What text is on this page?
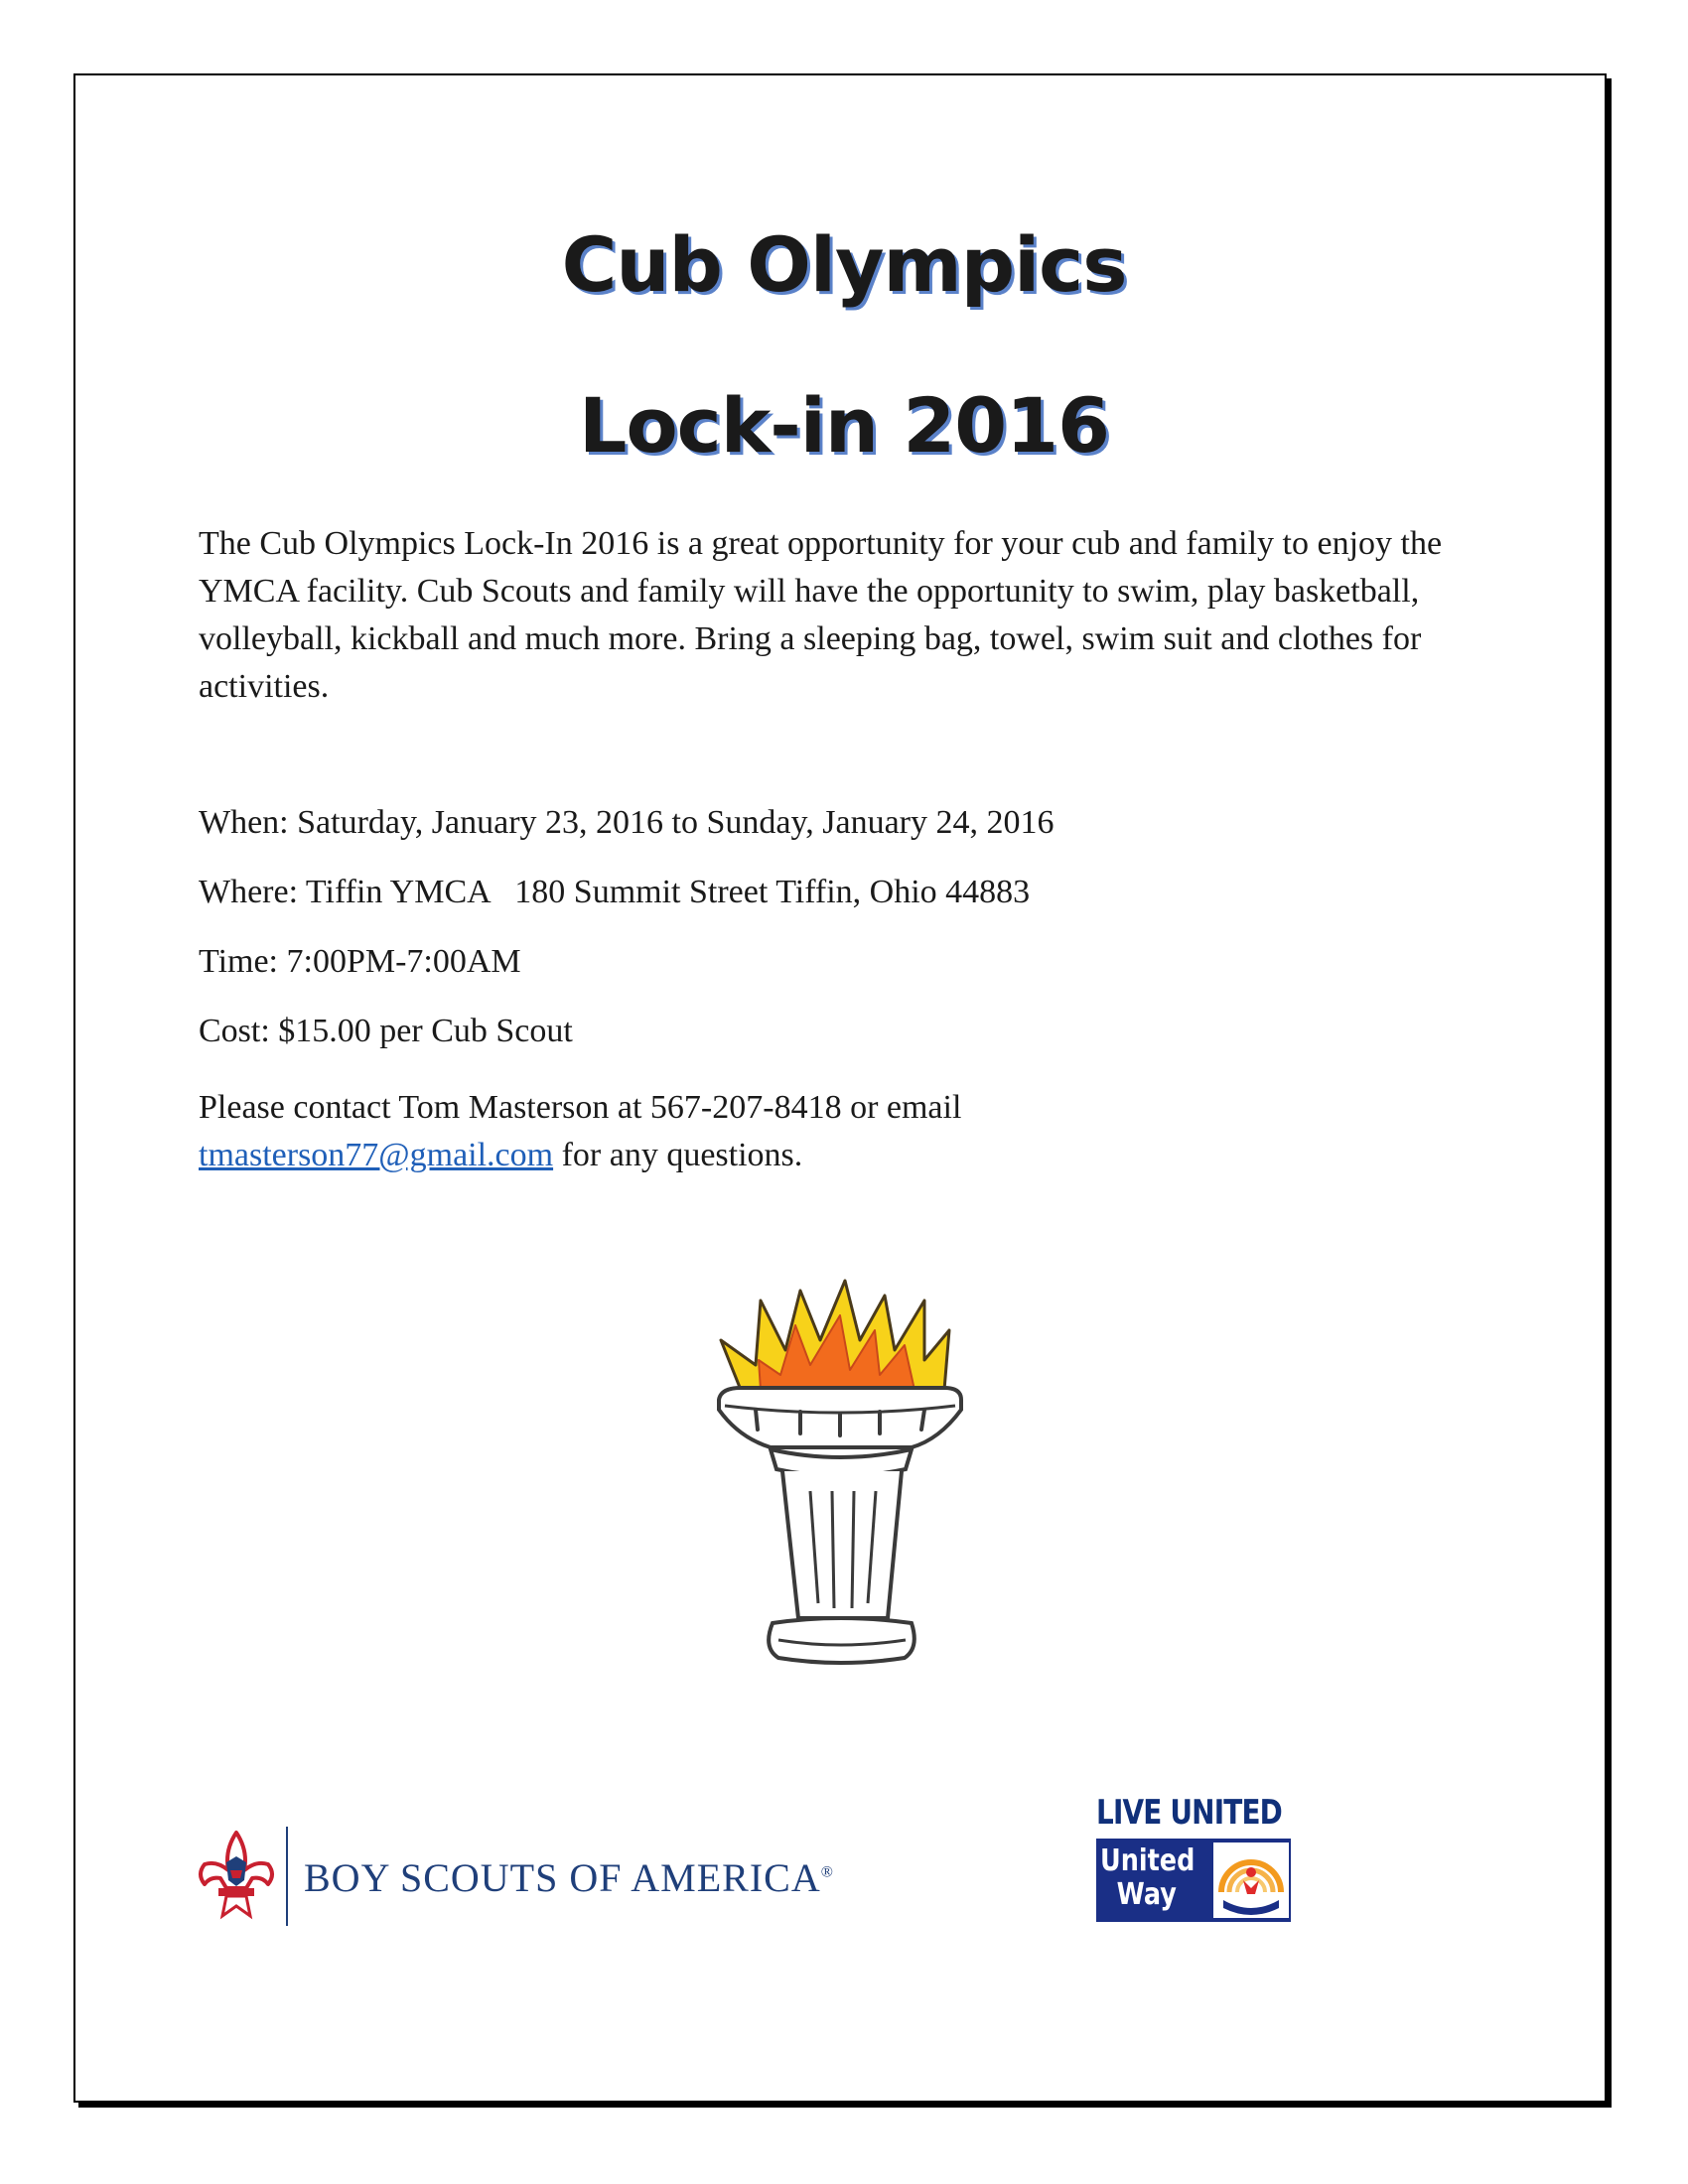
Cub Olympics
Lock-in 2016

The Cub Olympics Lock-In 2016 is a great opportunity for your cub and family to enjoy the YMCA facility. Cub Scouts and family will have the opportunity to swim, play basketball, volleyball, kickball and much more. Bring a sleeping bag, towel, swim suit and clothes for activities.

When: Saturday, January 23, 2016 to Sunday, January 24, 2016

Where: Tiffin YMCA   180 Summit Street Tiffin, Ohio 44883

Time: 7:00PM-7:00AM

Cost: $15.00 per Cub Scout

Please contact Tom Masterson at 567-207-8418 or email
tmasterson77@gmail.com for any questions.

BOY SCOUTS OF AMERICA®
LIVE UNITED
United Way
